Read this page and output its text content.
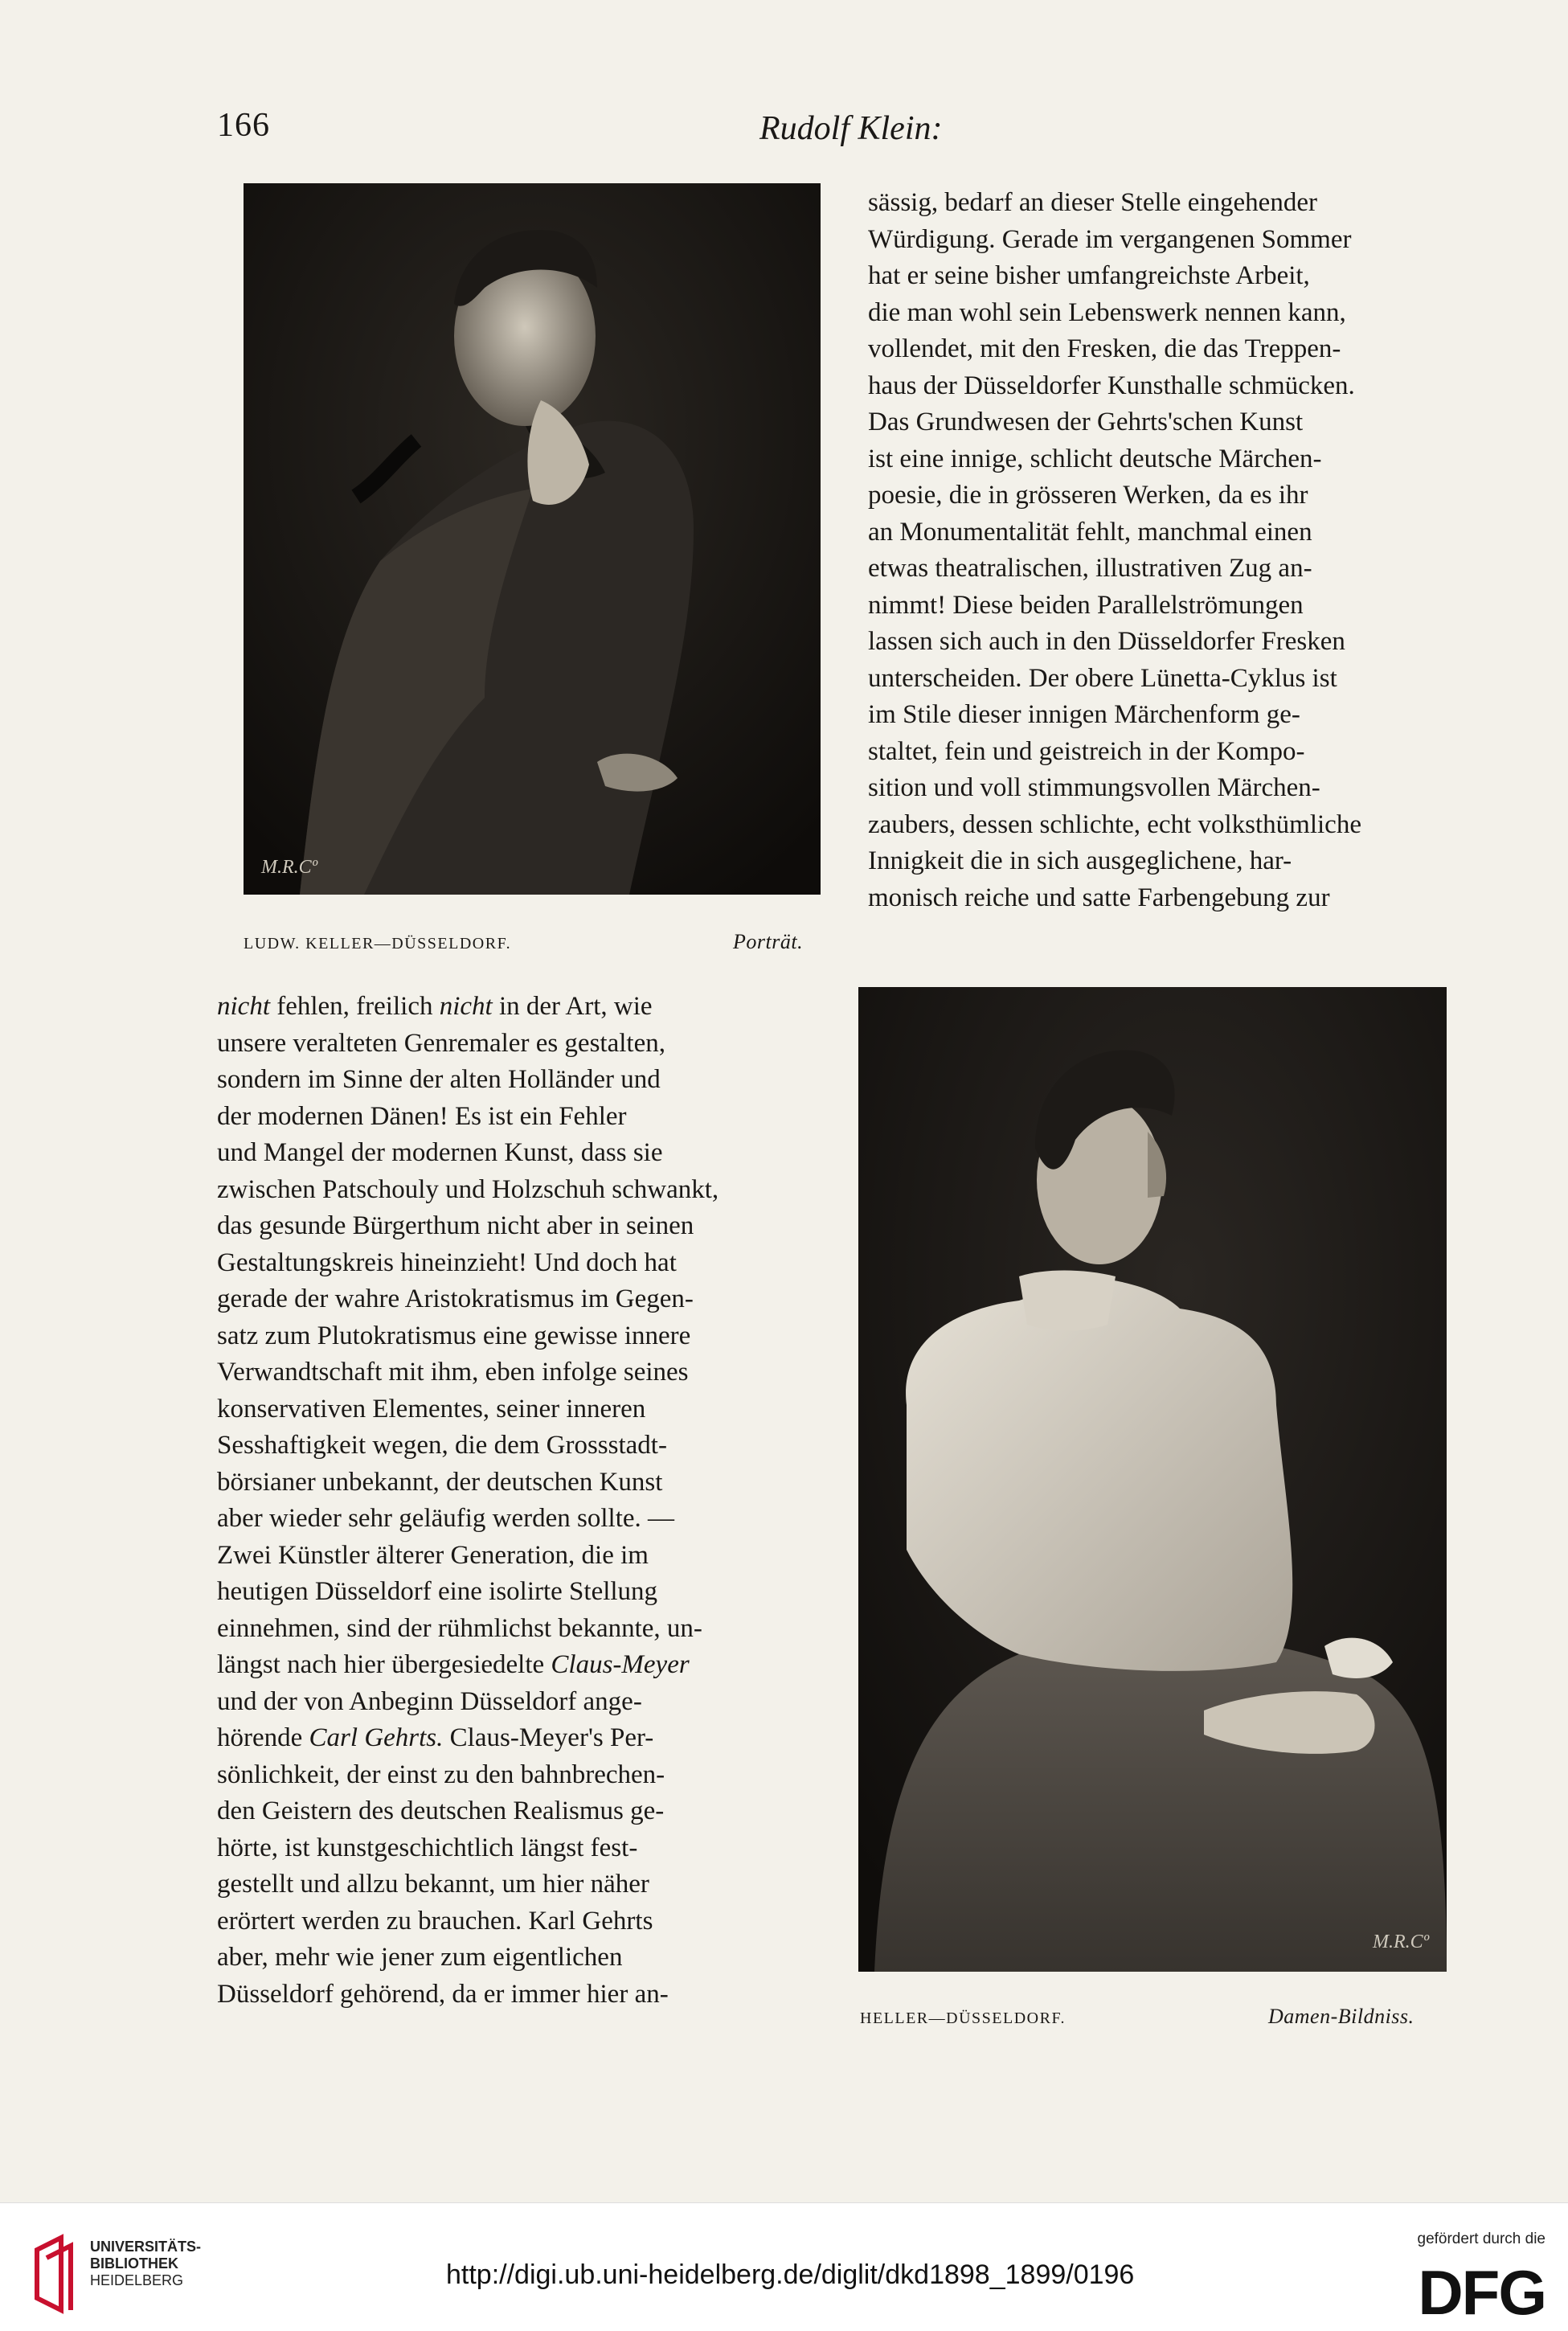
166	Rudolf Klein:
M.R.Cº
LUDW. KELLER—DÜSSELDORF.	Porträt.

sässig, bedarf an dieser Stelle eingehender

Würdigung. Gerade im vergangenen Sommer

hat er seine bisher umfangreichste Arbeit,

die man wohl sein Lebenswerk nennen kann,

vollendet, mit den Fresken, die das Treppen-

haus der Düsseldorfer Kunsthalle schmücken.

Das Grundwesen der Gehrts'schen Kunst

ist eine innige, schlicht deutsche Märchen-

poesie, die in grösseren Werken, da es ihr

an Monumentalität fehlt, manchmal einen

etwas theatralischen, illustrativen Zug an-

nimmt! Diese beiden Parallelströmungen

lassen sich auch in den Düsseldorfer Fresken

unterscheiden. Der obere Lünetta-Cyklus ist

im Stile dieser innigen Märchenform ge-

staltet, fein und geistreich in der Kompo-

sition und voll stimmungsvollen Märchen-

zaubers, dessen schlichte, echt volksthümliche

Innigkeit die in sich ausgeglichene, har-

monisch reiche und satte Farbengebung zur

nicht fehlen, freilich nicht in der Art, wie

unsere veralteten Genremaler es gestalten,

sondern im Sinne der alten Holländer und

der modernen Dänen! Es ist ein Fehler

und Mangel der modernen Kunst, dass sie

zwischen Patschouly und Holzschuh schwankt,

das gesunde Bürgerthum nicht aber in seinen

Gestaltungskreis hineinzieht! Und doch hat

gerade der wahre Aristokratismus im Gegen-

satz zum Plutokratismus eine gewisse innere

Verwandtschaft mit ihm, eben infolge seines

konservativen Elementes, seiner inneren

Sesshaftigkeit wegen, die dem Grossstadt-

börsianer unbekannt, der deutschen Kunst

aber wieder sehr geläufig werden sollte. —

Zwei Künstler älterer Generation, die im

heutigen Düsseldorf eine isolirte Stellung

einnehmen, sind der rühmlichst bekannte, un-

längst nach hier übergesiedelte Claus-Meyer

und der von Anbeginn Düsseldorf ange-

hörende Carl Gehrts. Claus-Meyer's Per-

sönlichkeit, der einst zu den bahnbrechen-

den Geistern des deutschen Realismus ge-

hörte, ist kunstgeschichtlich längst fest-

gestellt und allzu bekannt, um hier näher

erörtert werden zu brauchen. Karl Gehrts

aber, mehr wie jener zum eigentlichen

Düsseldorf gehörend, da er immer hier an-

M.R.Cº
HELLER—DÜSSELDORF.	Damen-Bildniss.
UNIVERSITÄTS-
BIBLIOTHEK
HEIDELBERG	http://digi.ub.uni-heidelberg.de/diglit/dkd1898_1899/0196
gefördert durch die
DFG
